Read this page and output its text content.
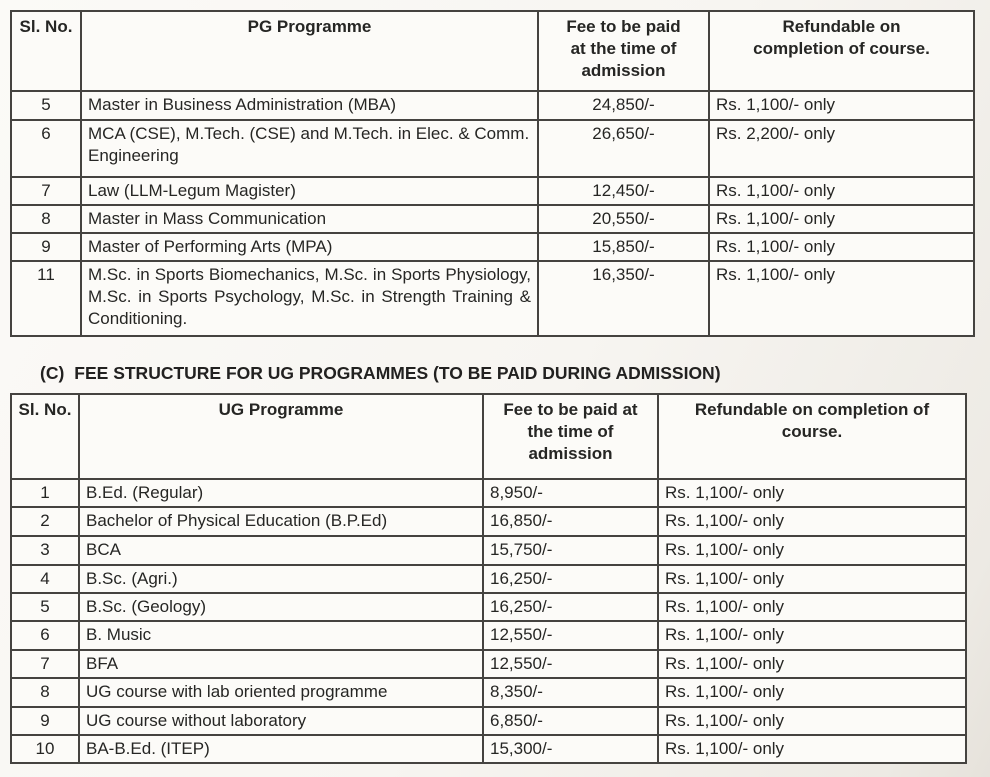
Sl. No.	PG Programme	Fee to be paid at the time of admission	Refundable on completion of course.

5	Master in Business Administration (MBA)	24,850/-	Rs. 1,100/- only
6	MCA (CSE), M.Tech. (CSE) and M.Tech. in Elec. & Comm. Engineering	26,650/-	Rs. 2,200/- only
7	Law (LLM-Legum Magister)	12,450/-	Rs. 1,100/- only
8	Master in Mass Communication	20,550/-	Rs. 1,100/- only
9	Master of Performing Arts (MPA)	15,850/-	Rs. 1,100/- only
11	M.Sc. in Sports Biomechanics, M.Sc. in Sports Physiology, M.Sc. in Sports Psychology, M.Sc. in Strength Training & Conditioning.	16,350/-	Rs. 1,100/- only
(C) FEE STRUCTURE FOR UG PROGRAMMES (TO BE PAID DURING ADMISSION)
Sl. No.	UG Programme	Fee to be paid at the time of admission	Refundable on completion of course.

1	B.Ed. (Regular)	8,950/-	Rs. 1,100/- only
2	Bachelor of Physical Education (B.P.Ed)	16,850/-	Rs. 1,100/- only
3	BCA	15,750/-	Rs. 1,100/- only
4	B.Sc. (Agri.)	16,250/-	Rs. 1,100/- only
5	B.Sc. (Geology)	16,250/-	Rs. 1,100/- only
6	B. Music	12,550/-	Rs. 1,100/- only
7	BFA	12,550/-	Rs. 1,100/- only
8	UG course with lab oriented programme	8,350/-	Rs. 1,100/- only
9	UG course without laboratory	6,850/-	Rs. 1,100/- only
10	BA-B.Ed. (ITEP)	15,300/-	Rs. 1,100/- only
